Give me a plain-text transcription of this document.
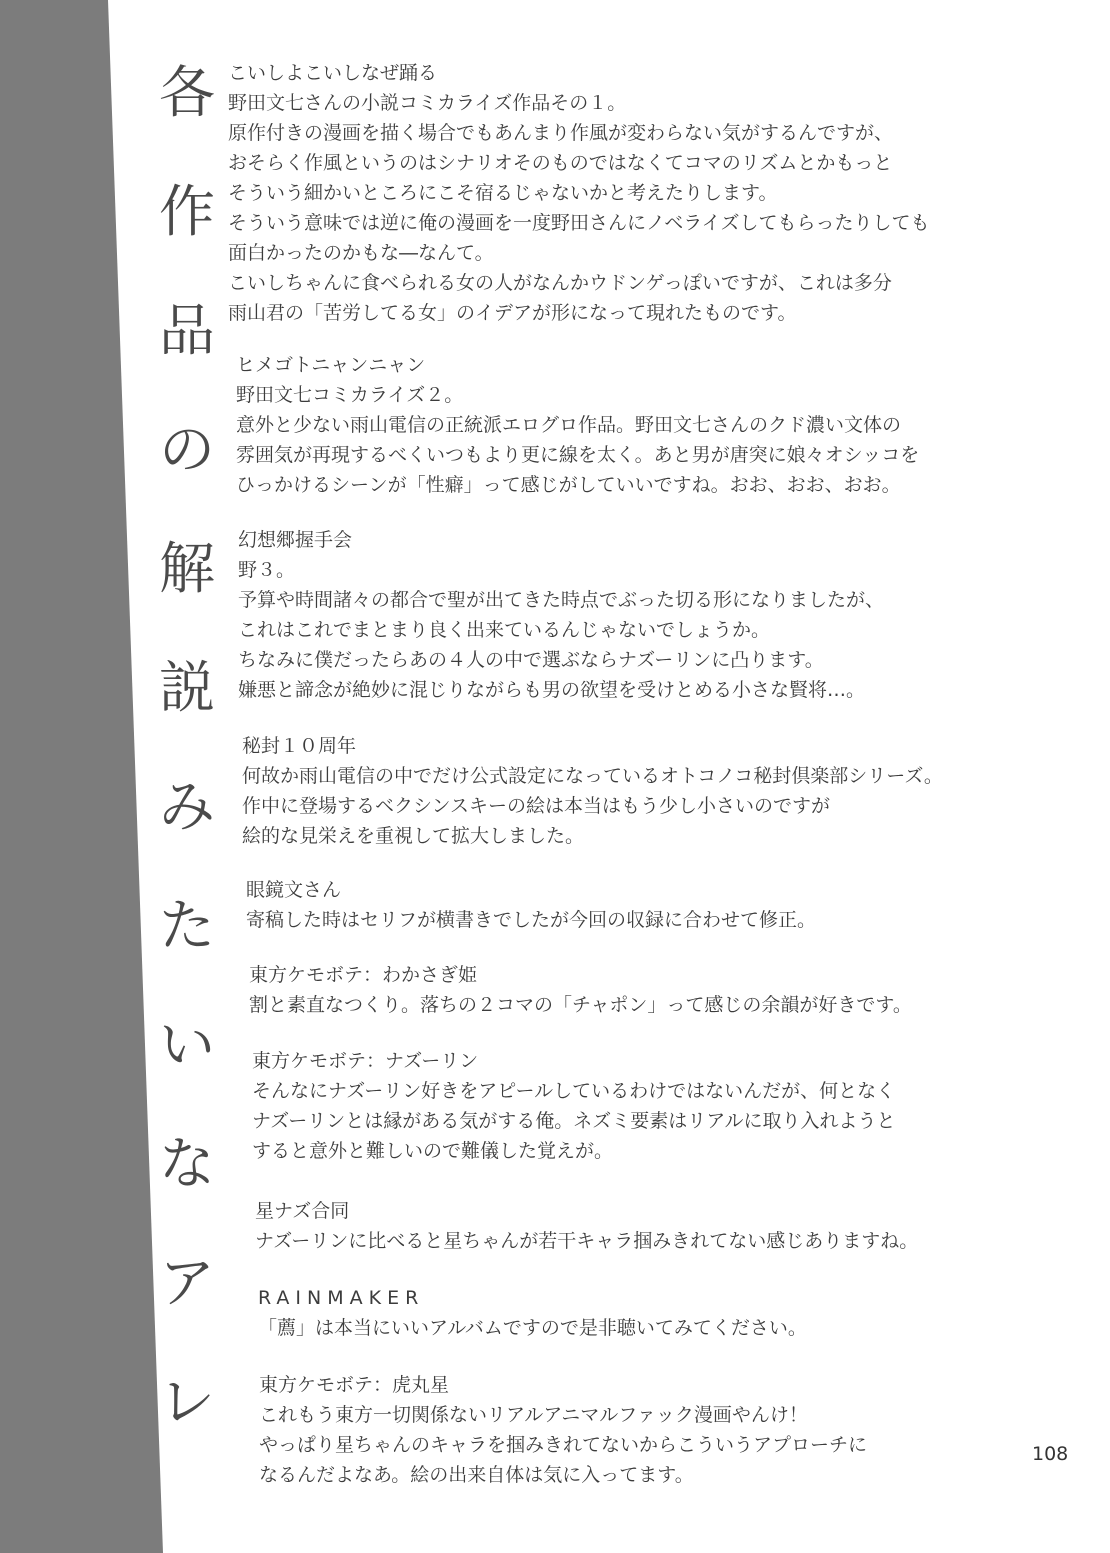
各
作
品
の
解
説
み
た
い
な
ア
レ
こいしよこいしなぜ踊る
野田文七さんの小説コミカライズ作品その１。
原作付きの漫画を描く場合でもあんまり作風が変わらない気がするんですが、
おそらく作風というのはシナリオそのものではなくてコマのリズムとかもっと
そういう細かいところにこそ宿るじゃないかと考えたりします。
そういう意味では逆に俺の漫画を一度野田さんにノベライズしてもらったりしても
面白かったのかもな―なんて。
こいしちゃんに食べられる女の人がなんかウドンゲっぽいですが、これは多分
雨山君の「苦労してる女」のイデアが形になって現れたものです。
ヒメゴトニャンニャン
野田文七コミカライズ２。
意外と少ない雨山電信の正統派エログロ作品。野田文七さんのクド濃い文体の
雰囲気が再現するべくいつもより更に線を太く。あと男が唐突に娘々オシッコを
ひっかけるシーンが「性癖」って感じがしていいですね。おお、おお、おお。
幻想郷握手会
野３。
予算や時間諸々の都合で聖が出てきた時点でぶった切る形になりましたが、
これはこれでまとまり良く出来ているんじゃないでしょうか。
ちなみに僕だったらあの４人の中で選ぶならナズーリンに凸ります。
嫌悪と諦念が絶妙に混じりながらも男の欲望を受けとめる小さな賢将…。
秘封１０周年
何故か雨山電信の中でだけ公式設定になっているオトコノコ秘封倶楽部シリーズ。
作中に登場するベクシンスキーの絵は本当はもう少し小さいのですが
絵的な見栄えを重視して拡大しました。
眼鏡文さん
寄稿した時はセリフが横書きでしたが今回の収録に合わせて修正。
東方ケモボテ：わかさぎ姫
割と素直なつくり。落ちの２コマの「チャポン」って感じの余韻が好きです。
東方ケモボテ：ナズーリン
そんなにナズーリン好きをアピールしているわけではないんだが、何となく
ナズーリンとは縁がある気がする俺。ネズミ要素はリアルに取り入れようと
すると意外と難しいので難儀した覚えが。
星ナズ合同
ナズーリンに比べると星ちゃんが若干キャラ掴みきれてない感じありますね。
RAINMAKER
「薦」は本当にいいアルバムですので是非聴いてみてください。
東方ケモボテ：虎丸星
これもう東方一切関係ないリアルアニマルファック漫画やんけ！
やっぱり星ちゃんのキャラを掴みきれてないからこういうアプローチに
なるんだよなあ。絵の出来自体は気に入ってます。
108
